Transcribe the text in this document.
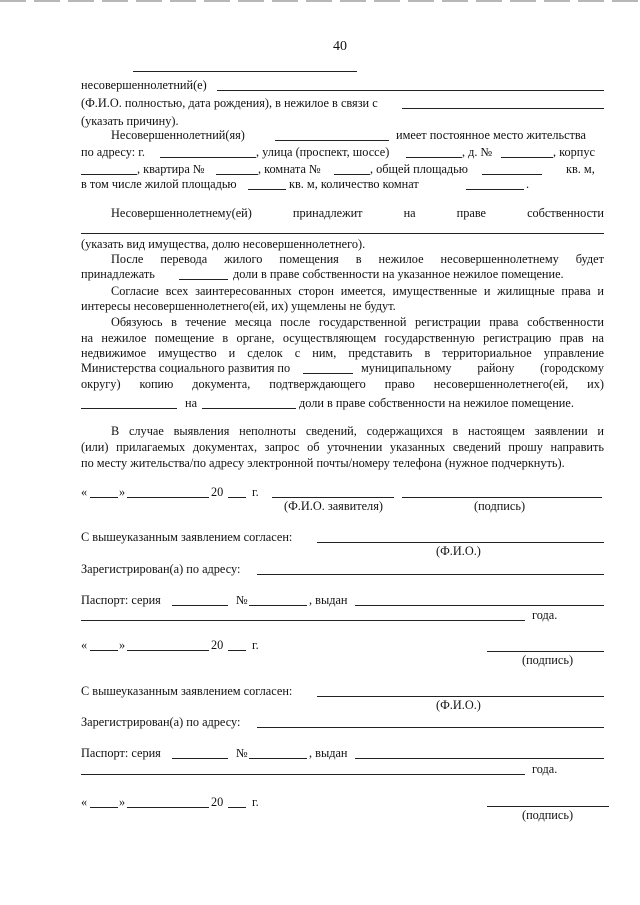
40
несовершеннолетний(е)
(Ф.И.О. полностью, дата рождения), в нежилое в связи с
(указать причину).
Несовершеннолетний(яя)	имеет постоянное место жительства
по адресу: г.	, улица (проспект, шоссе)	, д. №	, корпус
, квартира №	, комната №	, общей площадью	кв. м,
в том числе жилой площадью	кв. м, количество комнат	.
Несовершеннолетнему(ей)	принадлежит	на	праве	собственности
(указать вид имущества, долю несовершеннолетнего).
После перевода жилого помещения в нежилое несовершеннолетнему будет
принадлежать	доли в праве собственности на указанное нежилое помещение.
Согласие всех заинтересованных сторон имеется, имущественные и жилищные права и
интересы несовершеннолетнего(ей, их) ущемлены не будут.
Обязуюсь в течение месяца после государственной регистрации права собственности
на нежилое помещение в органе, осуществляющем государственную регистрацию прав на
недвижимое имущество и сделок с ним, представить в территориальное управление
Министерства социального развития по	муниципальному району (городскому
округу) копию документа, подтверждающего право несовершеннолетнего(ей, их)
на	доли в праве собственности на нежилое помещение.
В случае выявления неполноты сведений, содержащихся в настоящем заявлении и
(или) прилагаемых документах, запрос об уточнении указанных сведений прошу направить
по месту жительства/по адресу электронной почты/номеру телефона (нужное подчеркнуть).
«	»	20 г.
(Ф.И.О. заявителя)	(подпись)
С вышеуказанным заявлением согласен:
(Ф.И.О.)
Зарегистрирован(а) по адресу:
Паспорт: серия	№	, выдан
года.
«	»	20 г.
(подпись)
С вышеуказанным заявлением согласен:
(Ф.И.О.)
Зарегистрирован(а) по адресу:
Паспорт: серия	№	, выдан
года.
«	»	20 г.
(подпись)
